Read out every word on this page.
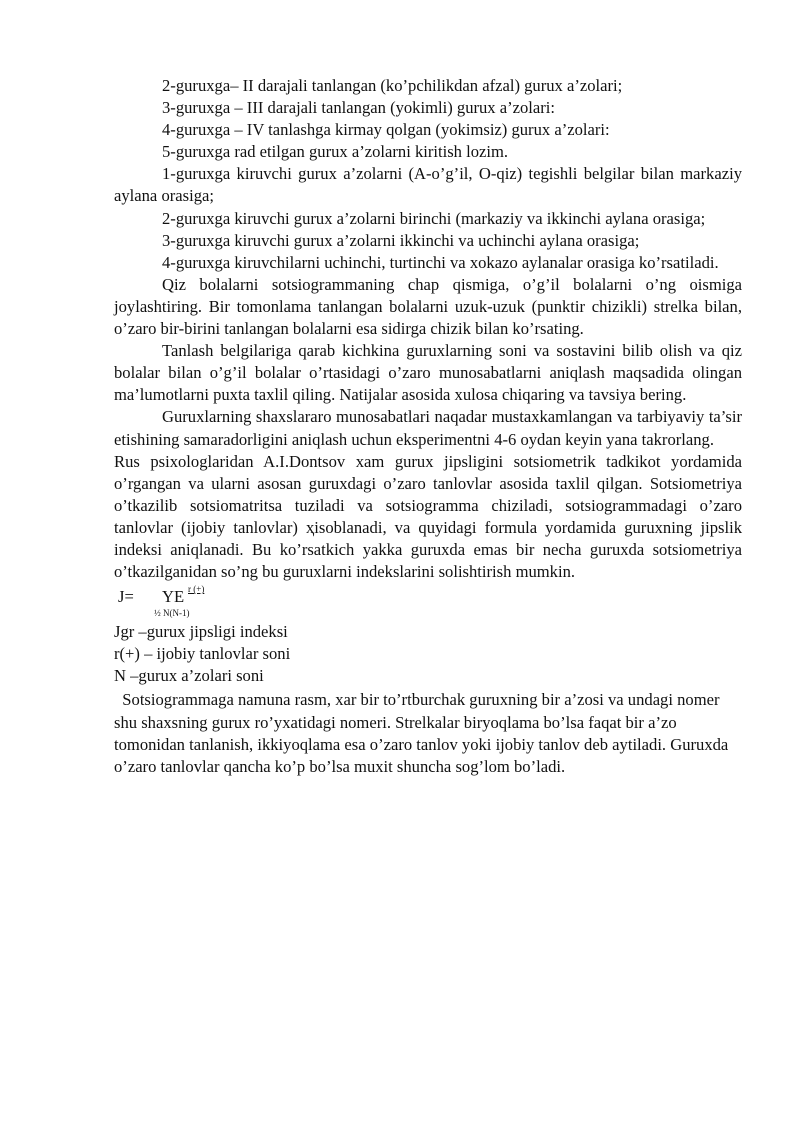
2-guruxga– II darajali tanlangan (ko’pchilikdan afzal) gurux a’zolari;

3-guruxga – III darajali tanlangan (yokimli) gurux a’zolari:

4-guruxga – IV tanlashga kirmay qolgan (yokimsiz) gurux a’zolari:

5-guruxga rad etilgan gurux a’zolarni kiritish lozim.

1-guruxga kiruvchi gurux a’zolarni (A-o’g’il, O-qiz) tegishli belgilar bilan markaziy aylana orasiga;

2-guruxga kiruvchi gurux a’zolarni birinchi (markaziy va ikkinchi aylana orasiga;

3-guruxga kiruvchi gurux a’zolarni ikkinchi va uchinchi aylana orasiga;

4-guruxga kiruvchilarni uchinchi, turtinchi va xokazo aylanalar orasiga ko’rsatiladi.

Qiz bolalarni sotsiogrammaning chap qismiga, o’g’il bolalarni o’ng oismiga joylashtiring. Bir tomonlama tanlangan bolalarni uzuk-uzuk (punktir chizikli) strelka bilan, o’zaro bir-birini tanlangan bolalarni esa sidirga chizik bilan ko’rsating.

Tanlash belgilariga qarab kichkina guruxlarning soni va sostavini bilib olish va qiz bolalar bilan o’g’il bolalar o’rtasidagi o’zaro munosabatlarni aniqlash maqsadida olingan ma’lumotlarni puxta taxlil qiling. Natijalar asosida xulosa chiqaring va tavsiya bering.

Guruxlarning shaxslararo munosabatlari naqadar mustaxkamlangan va tarbiyaviy ta’sir etishining samaradorligini aniqlash uchun eksperimentni 4-6 oydan keyin yana takrorlang.

Rus psixologlaridan A.I.Dontsov xam gurux jipsligini sotsiometrik tadkikot yordamida o’rgangan va ularni asosan guruxdagi o’zaro tanlovlar asosida taxlil qilgan. Sotsiometriya o’tkazilib sotsiomatritsa tuziladi va sotsiogramma chiziladi, sotsiogrammadagi o’zaro tanlovlar (ijobiy tanlovlar) ҳisoblanadi, va quyidagi formula yordamida guruxning jipslik indeksi aniqlanadi. Bu ko’rsatkich yakka guruxda emas bir necha guruxda sotsiometriya o’tkazilganidan so’ng bu guruxlarni indekslarini solishtirish mumkin.

J= YE r (+)
½ N(N-1)

Jgr –gurux jipsligi indeksi

r(+) – ijobiy tanlovlar soni

N –gurux a’zolari soni

Sotsiogrammaga namuna rasm, xar bir to’rtburchak guruxning bir a’zosi va undagi nomer shu shaxsning gurux ro’yxatidagi nomeri. Strelkalar biryoqlama bo’lsa faqat bir a’zo tomonidan tanlanish, ikkiyoqlama esa o’zaro tanlov yoki ijobiy tanlov deb aytiladi. Guruxda o’zaro tanlovlar qancha ko’p bo’lsa muxit shuncha sog’lom bo’ladi.
